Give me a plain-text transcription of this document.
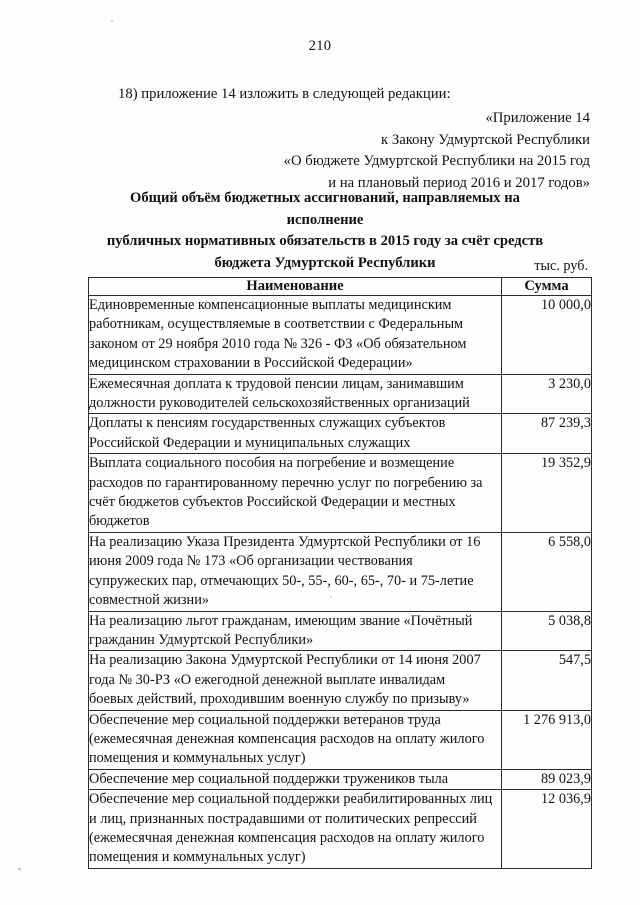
210
18) приложение 14 изложить в следующей редакции:
«Приложение 14
к Закону Удмуртской Республики
«О бюджете Удмуртской Республики на 2015 год
и на плановый период 2016 и 2017 годов»
Общий объём бюджетных ассигнований, направляемых на исполнение
публичных нормативных обязательств в 2015 году за счёт средств
бюджета Удмуртской Республики	тыс. руб.
Наименование	Сумма

Единовременные компенсационные выплаты медицинским
работникам, осуществляемые в соответствии с Федеральным
законом от 29 ноября 2010 года № 326 - ФЗ «Об обязательном
медицинском страховании в Российской Федерации»	10 000,0

Ежемесячная доплата к трудовой пенсии лицам, занимавшим
должности руководителей сельскохозяйственных организаций	3 230,0

Доплаты к пенсиям государственных служащих субъектов
Российской Федерации и муниципальных служащих	87 239,3

Выплата социального пособия на погребение и возмещение
расходов по гарантированному перечню услуг по погребению за
счёт бюджетов субъектов Российской Федерации и местных
бюджетов	19 352,9

На реализацию Указа Президента Удмуртской Республики от 16
июня 2009 года № 173 «Об организации чествования
супружеских пар, отмечающих 50-, 55-, 60-, 65-, 70- и 75-летие
совместной жизни»	6 558,0

На реализацию льгот гражданам, имеющим звание «Почётный
гражданин Удмуртской Республики»	5 038,8

На реализацию Закона Удмуртской Республики от 14 июня 2007
года № 30-РЗ «О ежегодной денежной выплате инвалидам
боевых действий, проходившим военную службу по призыву»	547,5

Обеспечение мер социальной поддержки ветеранов труда
(ежемесячная денежная компенсация расходов на оплату жилого
помещения и коммунальных услуг)	1 276 913,0

Обеспечение мер социальной поддержки тружеников тыла	89 023,9

Обеспечение мер социальной поддержки реабилитированных лиц
и лиц, признанных пострадавшими от политических репрессий
(ежемесячная денежная компенсация расходов на оплату жилого
помещения и коммунальных услуг)	12 036,9
